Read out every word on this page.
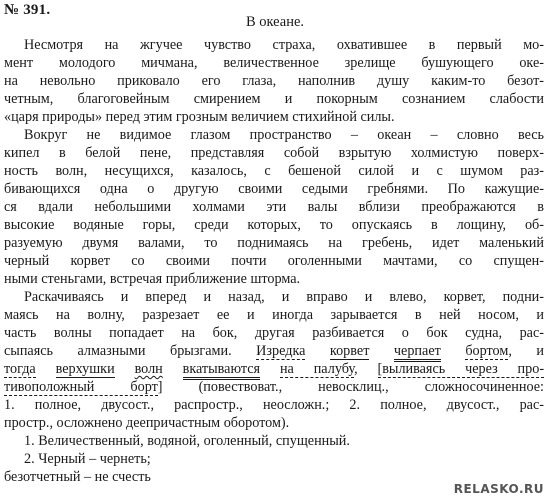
№ 391.
В океане.
Несмотря на жгучее чувство страха, охватившее в первый мо-
мент молодого мичмана, величественное зрелище бушующего оке-
на невольно приковало его глаза, наполнив душу каким-то безот-
четным, благоговейным смирением и покорным сознанием слабости
«царя природы» перед этим грозным величием стихийной силы.
Вокруг не видимое глазом пространство – океан – словно весь
кипел в белой пене, представляя собой взрытую холмистую поверх-
ность волн, несущихся, казалось, с бешеной силой и с шумом раз-
бивающихся одна о другую своими седыми гребнями. По кажущие-
ся вдали небольшими холмами эти валы вблизи преображаются в
высокие водяные горы, среди которых, то опускаясь в лощину, об-
разуемую двумя валами, то поднимаясь на гребень, идет маленький
черный корвет со своими почти оголенными мачтами, со спущен-
ными стеньгами, встречая приближение шторма.
Раскачиваясь и вперед и назад, и вправо и влево, корвет, подни-
маясь на волну, разрезает ее и иногда зарывается в ней носом, и
часть волны попадает на бок, другая разбивается о бок судна, рас-
сыпаясь алмазными брызгами. Изредка корвет черпает бортом, и
тогда верхушки волн вкатываются на палубу, [выливаясь через про-
тивоположный борт] (повествоват., невосклиц., сложносочиненное:
1. полное, двусост., распростр., неосложн.; 2. полное, двусост., рас-
простр., осложнено деепричастным оборотом).
1. Величественный, водяной, оголенный, спущенный.
2. Черный – чернеть;
безотчетный – не счесть
RELASKO.RU
